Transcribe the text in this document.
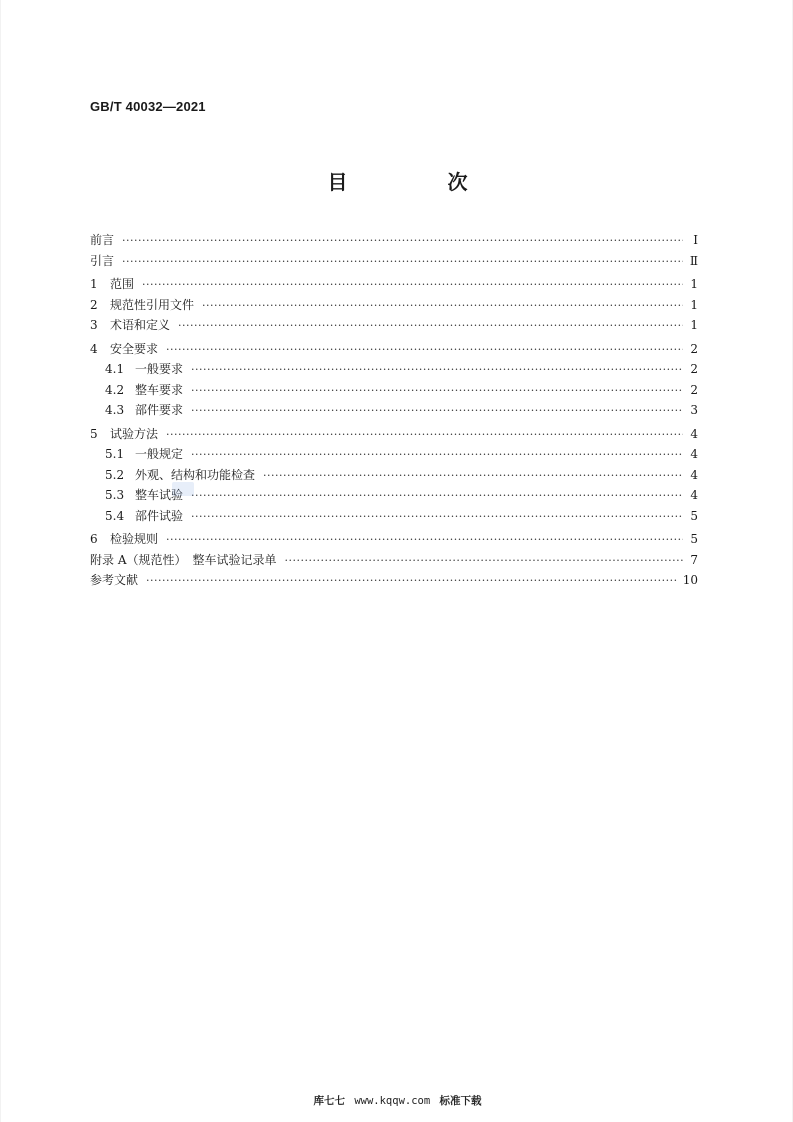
GB/T 40032—2021
目　次
前言 ·····	Ⅰ
引言 ·····	Ⅱ
1 范围 ·····	1
2 规范性引用文件 ·····	1
3 术语和定义 ·····	1
4 安全要求 ·····	2
4.1 一般要求 ·····	2
4.2 整车要求 ·····	2
4.3 部件要求 ·····	3
5 试验方法 ·····	4
5.1 一般规定 ·····	4
5.2 外观、结构和功能检查 ·····	4
5.3 整车试验 ·····	4
5.4 部件试验 ·····	5
6 检验规则 ·····	5
附录 A（规范性）　整车试验记录单 ·····	7
参考文献 ·····	10
库七七 www.kqqw.com 标准下载
